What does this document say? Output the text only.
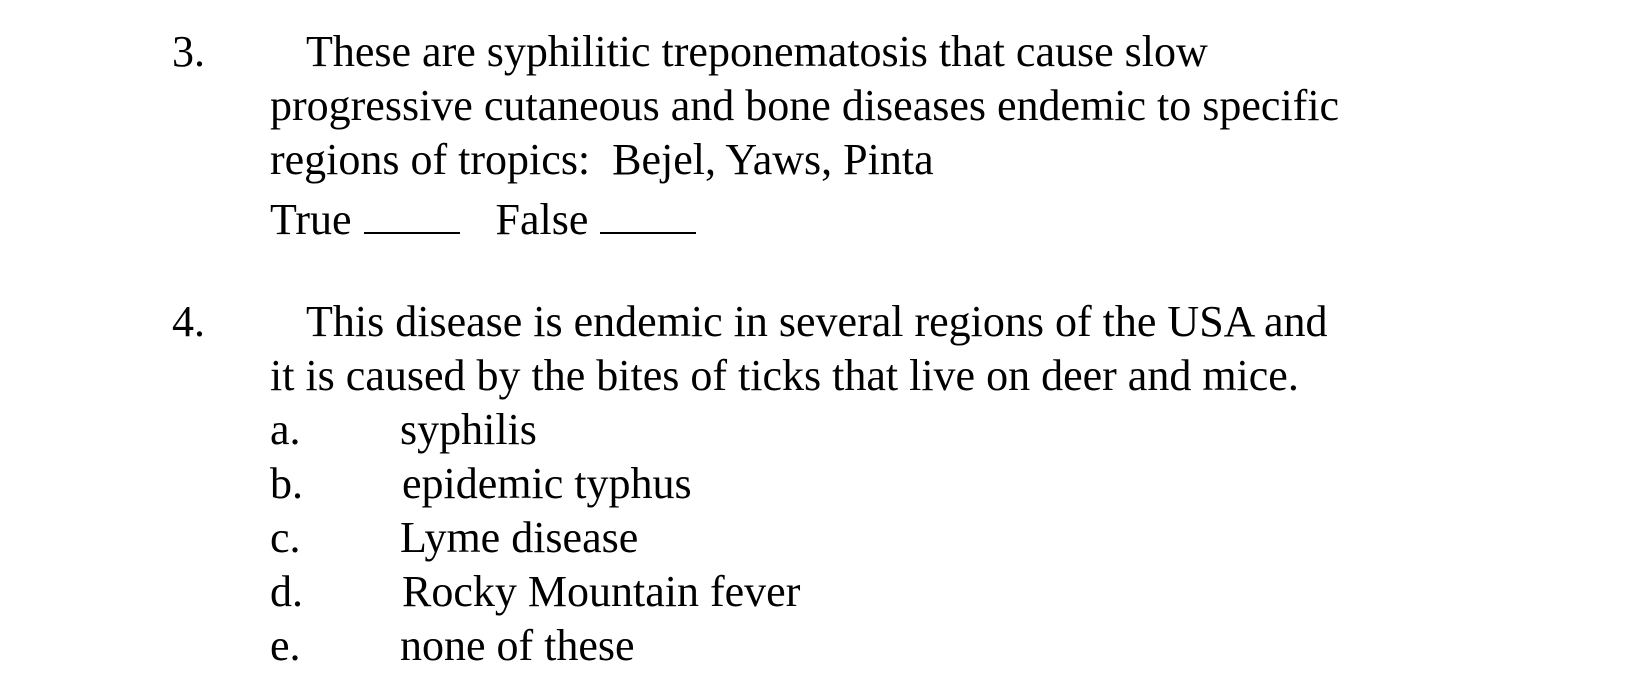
3. These are syphilitic treponematosis that cause slow
progressive cutaneous and bone diseases endemic to specific
regions of tropics:  Bejel, Yaws, Pinta
True	False
4. This disease is endemic in several regions of the USA and
it is caused by the bites of ticks that live on deer and mice.
a. syphilis
b. epidemic typhus
c. Lyme disease
d. Rocky Mountain fever
e. none of these
